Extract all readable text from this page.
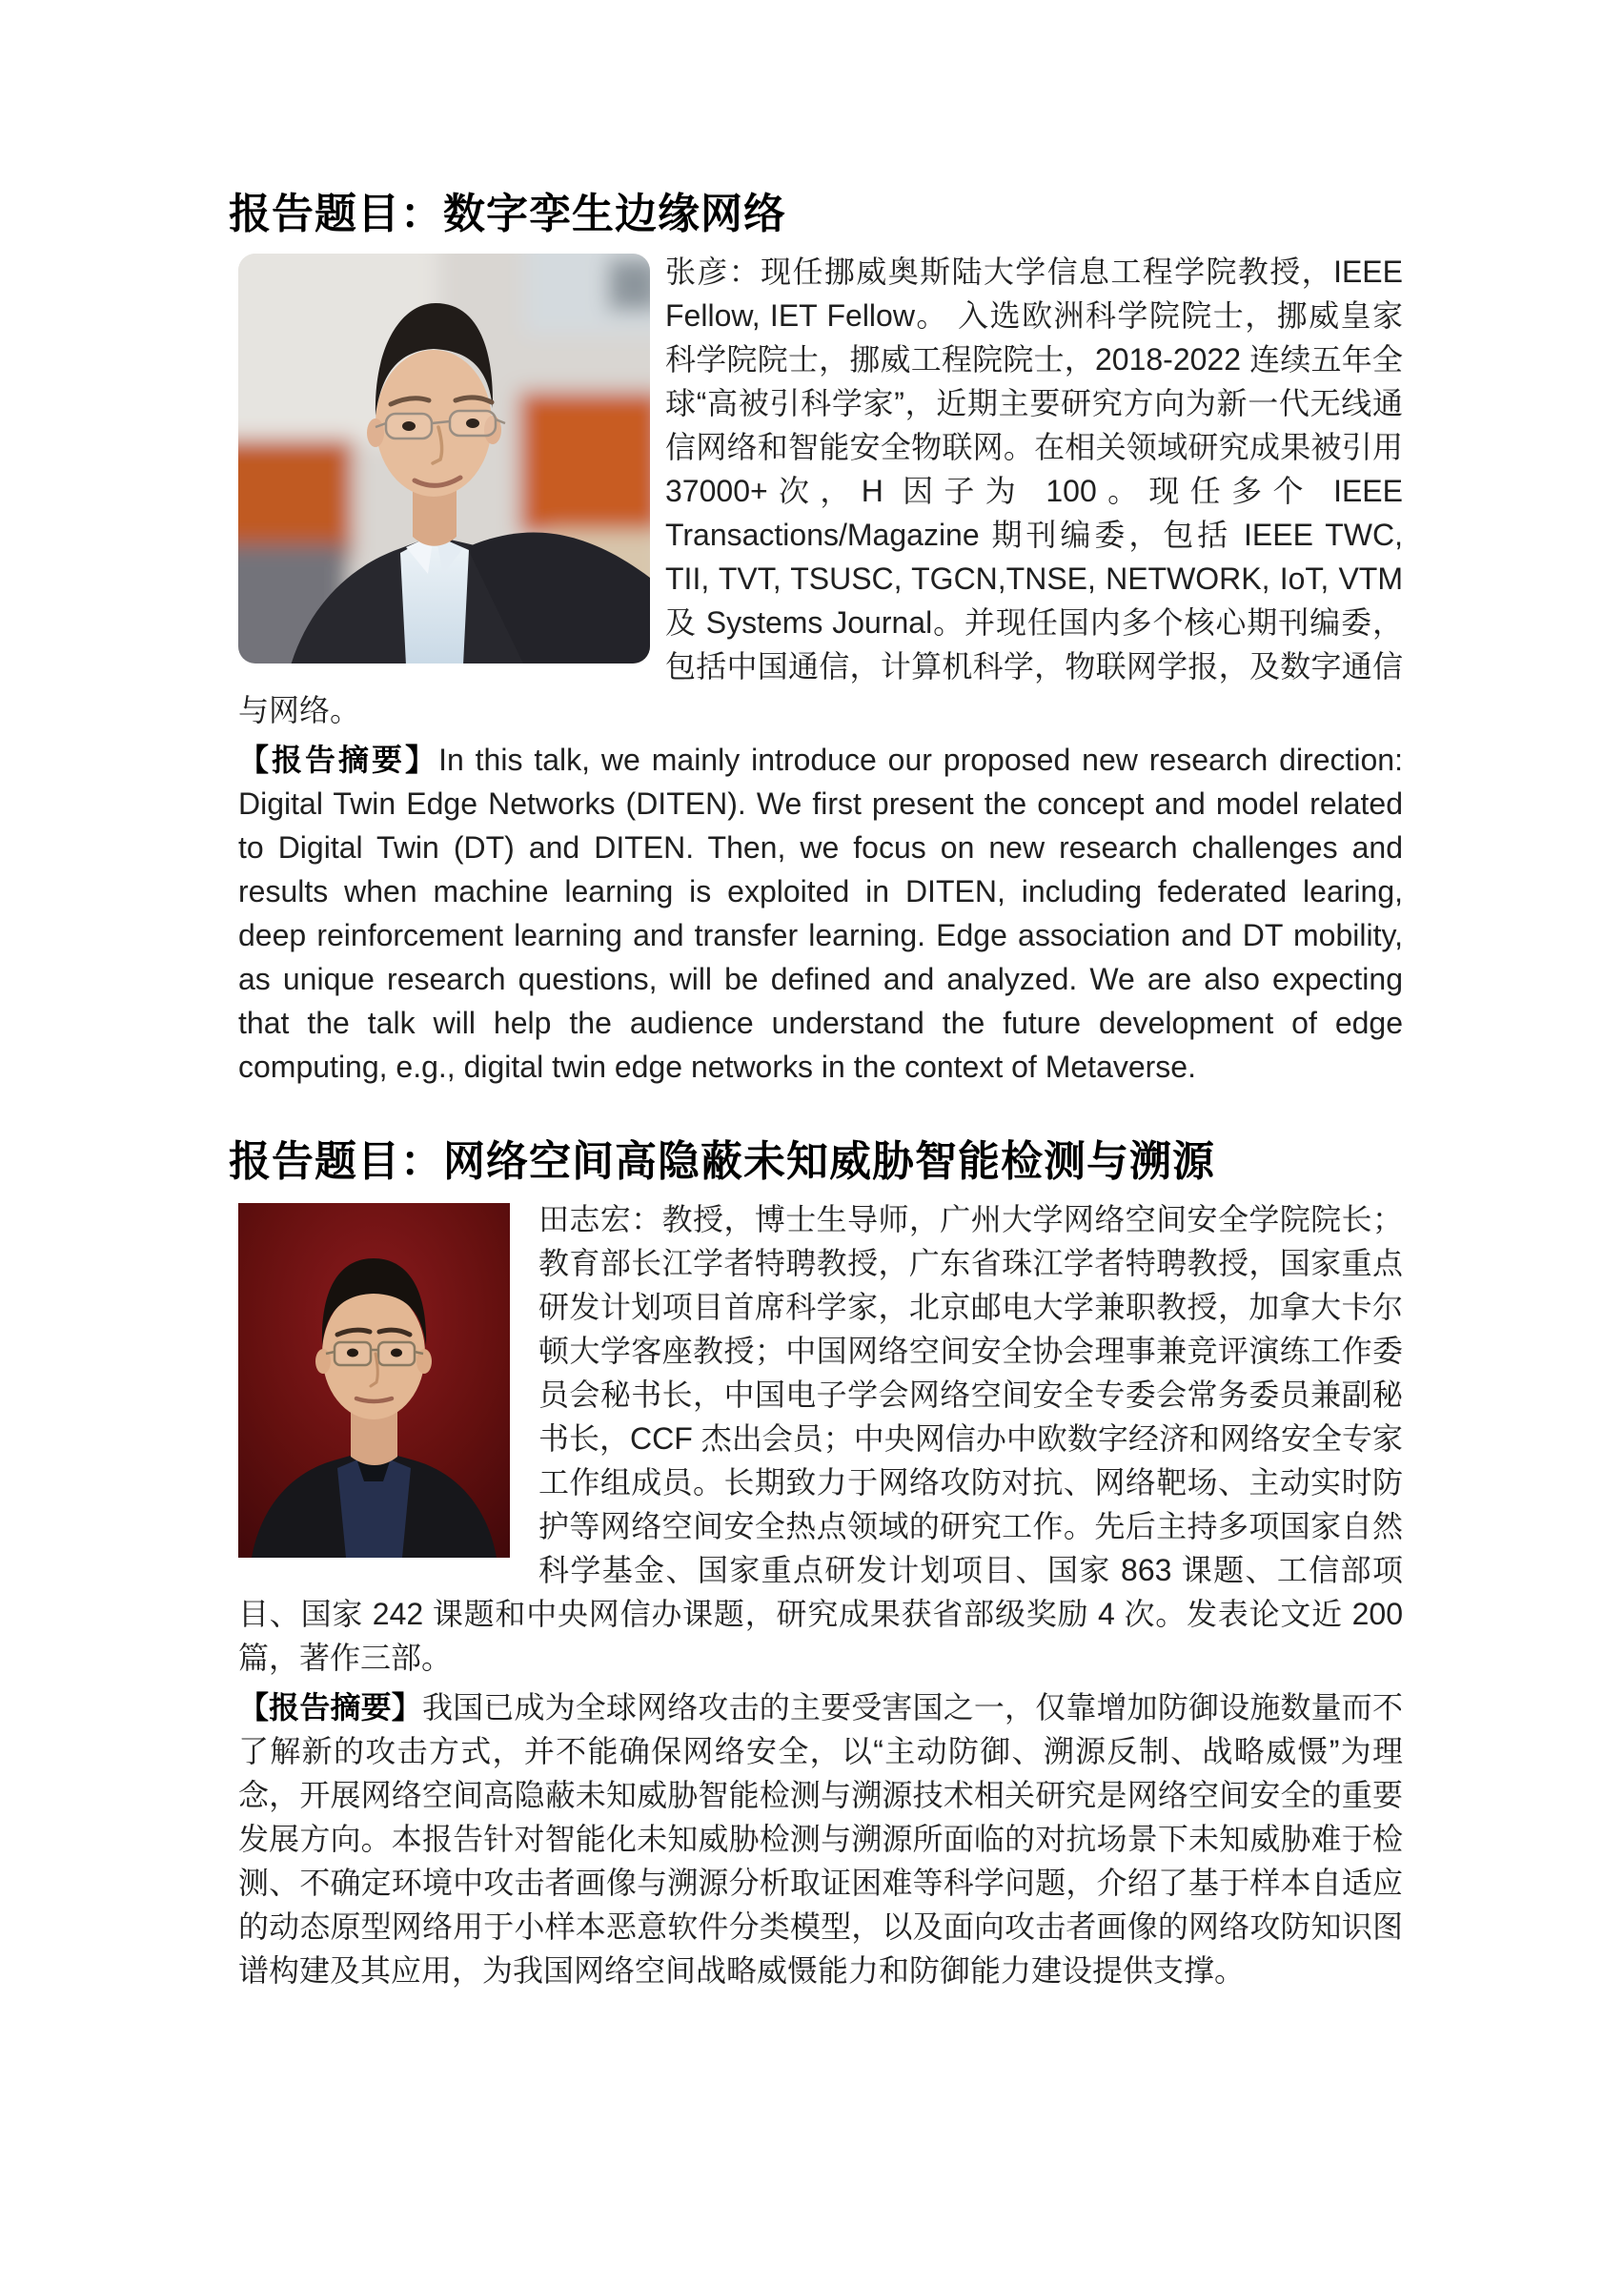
报告题目：数字孪生边缘网络

张彦：现任挪威奥斯陆大学信息工程学院教授，IEEE Fellow, IET Fellow。 入选欧洲科学院院士，挪威皇家科学院院士，挪威工程院院士，2018-2022 连续五年全球“高被引科学家”，近期主要研究方向为新一代无线通信网络和智能安全物联网。在相关领域研究成果被引用 37000+次，H 因子为 100。现任多个 IEEE Transactions/Magazine 期刊编委，包括 IEEE TWC, TII, TVT, TSUSC, TGCN,TNSE, NETWORK, IoT, VTM 及 Systems Journal。并现任国内多个核心期刊编委，包括中国通信，计算机科学，物联网学报，及数字通信与网络。

【报告摘要】In this talk, we mainly introduce our proposed new research direction: Digital Twin Edge Networks (DITEN). We first present the concept and model related to Digital Twin (DT) and DITEN. Then, we focus on new research challenges and results when machine learning is exploited in DITEN, including federated learing, deep reinforcement learning and transfer learning. Edge association and DT mobility, as unique research questions, will be defined and analyzed. We are also expecting that the talk will help the audience understand the future development of edge computing, e.g., digital twin edge networks in the context of Metaverse.

报告题目：网络空间高隐蔽未知威胁智能检测与溯源

田志宏：教授，博士生导师，广州大学网络空间安全学院院长；教育部长江学者特聘教授，广东省珠江学者特聘教授，国家重点研发计划项目首席科学家，北京邮电大学兼职教授，加拿大卡尔顿大学客座教授；中国网络空间安全协会理事兼竞评演练工作委员会秘书长，中国电子学会网络空间安全专委会常务委员兼副秘书长，CCF 杰出会员；中央网信办中欧数字经济和网络安全专家工作组成员。长期致力于网络攻防对抗、网络靶场、主动实时防护等网络空间安全热点领域的研究工作。先后主持多项国家自然科学基金、国家重点研发计划项目、国家 863 课题、工信部项目、国家 242 课题和中央网信办课题，研究成果获省部级奖励 4 次。发表论文近 200 篇，著作三部。

【报告摘要】我国已成为全球网络攻击的主要受害国之一，仅靠增加防御设施数量而不了解新的攻击方式，并不能确保网络安全，以“主动防御、溯源反制、战略威慑”为理念，开展网络空间高隐蔽未知威胁智能检测与溯源技术相关研究是网络空间安全的重要发展方向。本报告针对智能化未知威胁检测与溯源所面临的对抗场景下未知威胁难于检测、不确定环境中攻击者画像与溯源分析取证困难等科学问题，介绍了基于样本自适应的动态原型网络用于小样本恶意软件分类模型，以及面向攻击者画像的网络攻防知识图谱构建及其应用，为我国网络空间战略威慑能力和防御能力建设提供支撑。
